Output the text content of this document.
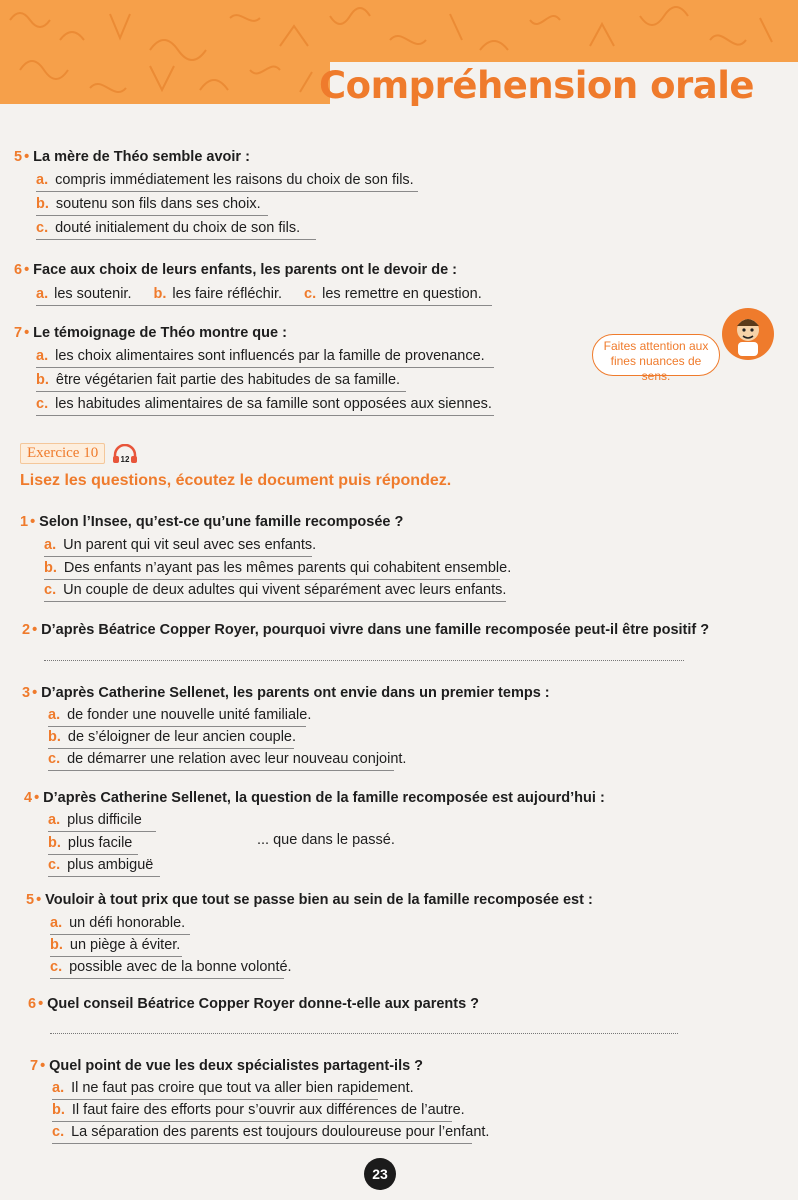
Compréhension orale
5 • La mère de Théo semble avoir :
a. compris immédiatement les raisons du choix de son fils.
b. soutenu son fils dans ses choix.
c. douté initialement du choix de son fils.
6 • Face aux choix de leurs enfants, les parents ont le devoir de :
a. les soutenir. b. les faire réfléchir. c. les remettre en question.
7 • Le témoignage de Théo montre que :
a. les choix alimentaires sont influencés par la famille de provenance.
b. être végétarien fait partie des habitudes de sa famille.
c. les habitudes alimentaires de sa famille sont opposées aux siennes.
Faites attention aux fines nuances de sens.
Exercice 10	12
Lisez les questions, écoutez le document puis répondez.
1 • Selon l’Insee, qu’est-ce qu’une famille recomposée ?
a. Un parent qui vit seul avec ses enfants.
b. Des enfants n’ayant pas les mêmes parents qui cohabitent ensemble.
c. Un couple de deux adultes qui vivent séparément avec leurs enfants.
2 • D’après Béatrice Copper Royer, pourquoi vivre dans une famille recomposée peut-il être positif ?
3 • D’après Catherine Sellenet, les parents ont envie dans un premier temps :
a. de fonder une nouvelle unité familiale.
b. de s’éloigner de leur ancien couple.
c. de démarrer une relation avec leur nouveau conjoint.
4 • D’après Catherine Sellenet, la question de la famille recomposée est aujourd’hui :
a. plus difficile
b. plus facile
c. plus ambiguë
... que dans le passé.
5 • Vouloir à tout prix que tout se passe bien au sein de la famille recomposée est :
a. un défi honorable.
b. un piège à éviter.
c. possible avec de la bonne volonté.
6 • Quel conseil Béatrice Copper Royer donne-t-elle aux parents ?
7 • Quel point de vue les deux spécialistes partagent-ils ?
a. Il ne faut pas croire que tout va aller bien rapidement.
b. Il faut faire des efforts pour s’ouvrir aux différences de l’autre.
c. La séparation des parents est toujours douloureuse pour l’enfant.
23
